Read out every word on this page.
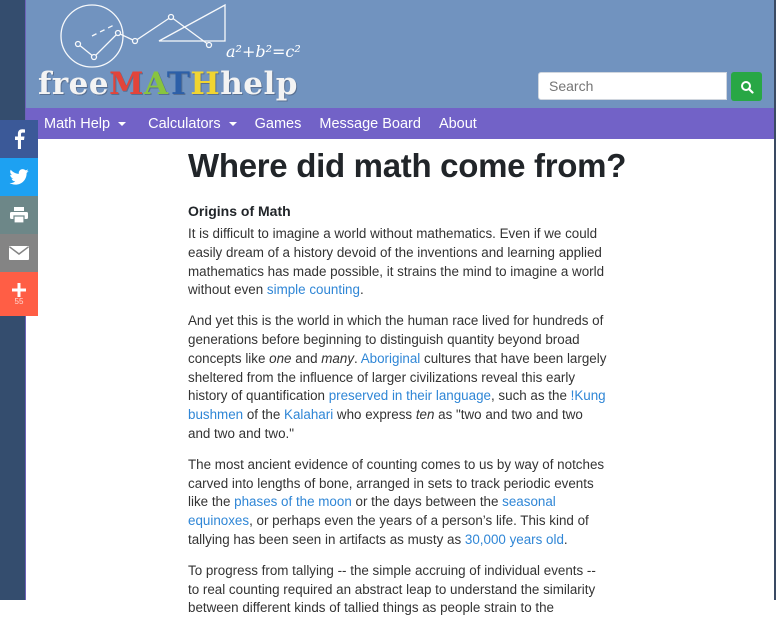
a²+b²=c²
freeMATHhelp
Search
Math Help	Calculators Games Message Board About
Where did math come from?
Origins of Math

It is difficult to imagine a world without mathematics. Even if we could easily dream of a history devoid of the inventions and learning applied mathematics has made possible, it strains the mind to imagine a world without even simple counting.

And yet this is the world in which the human race lived for hundreds of generations before beginning to distinguish quantity beyond broad concepts like one and many. Aboriginal cultures that have been largely sheltered from the influence of larger civilizations reveal this early history of quantification preserved in their language, such as the !Kung bushmen of the Kalahari who express ten as "two and two and two and two and two."

The most ancient evidence of counting comes to us by way of notches carved into lengths of bone, arranged in sets to track periodic events like the phases of the moon or the days between the seasonal equinoxes, or perhaps even the years of a person’s life. This kind of tallying has been seen in artifacts as musty as 30,000 years old.

To progress from tallying -- the simple accruing of individual events -- to real counting required an abstract leap to understand the similarity between different kinds of tallied things as people strain to the

55
